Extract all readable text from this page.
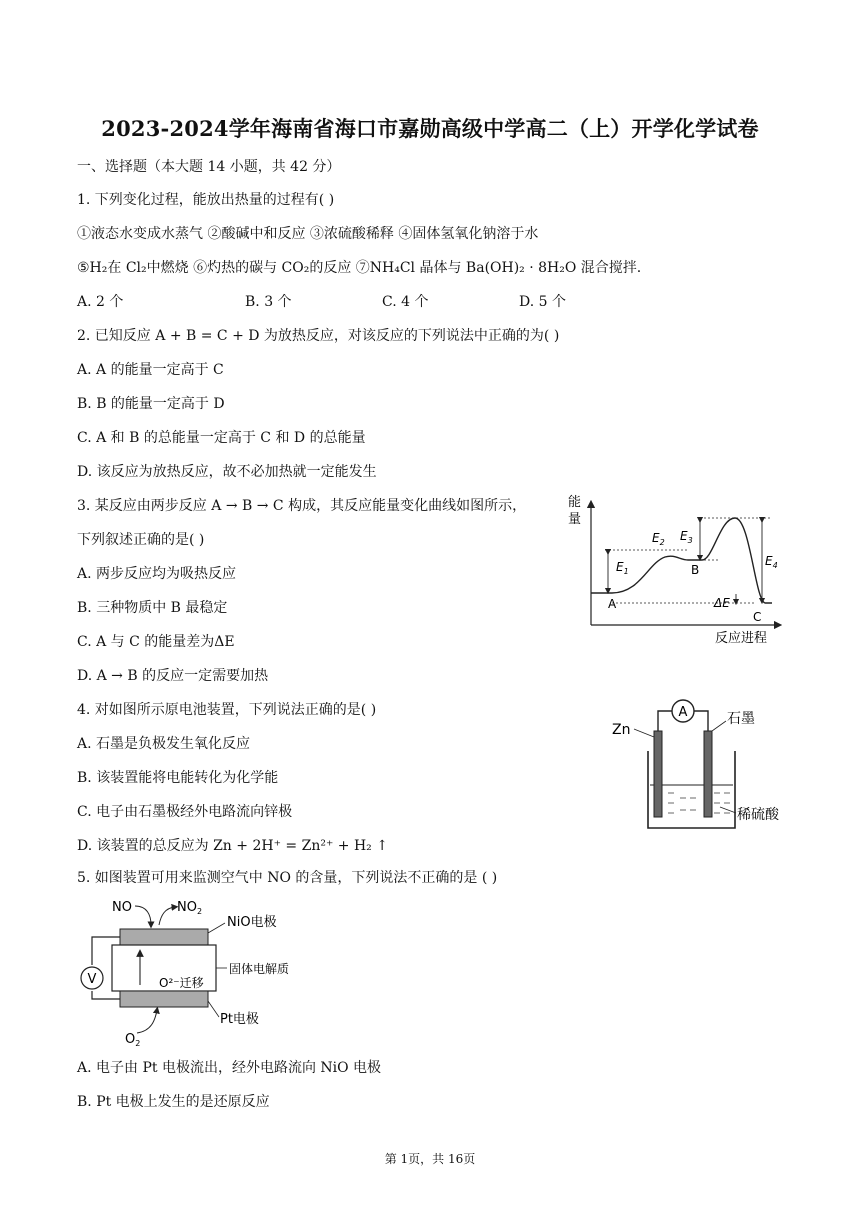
2023-2024学年海南省海口市嘉勋高级中学高二（上）开学化学试卷
一、选择题（本大题 14 小题，共 42 分）
1. 下列变化过程，能放出热量的过程有( )
①液态水变成水蒸气 ②酸碱中和反应 ③浓硫酸稀释 ④固体氢氧化钠溶于水
⑤H₂在 Cl₂中燃烧 ⑥灼热的碳与 CO₂的反应 ⑦NH₄Cl 晶体与 Ba(OH)₂ · 8H₂O 混合搅拌.
A. 2 个	B. 3 个	C. 4 个	D. 5 个
2. 已知反应 A + B = C + D 为放热反应，对该反应的下列说法中正确的为( )
A. A 的能量一定高于 C
B. B 的能量一定高于 D
C. A 和 B 的总能量一定高于 C 和 D 的总能量
D. 该反应为放热反应，故不必加热就一定能发生
3. 某反应由两步反应 A → B → C 构成，其反应能量变化曲线如图所示，
下列叙述正确的是( )
A. 两步反应均为吸热反应
B. 三种物质中 B 最稳定
C. A 与 C 的能量差为ΔE
D. A → B 的反应一定需要加热
能
量
反应进程
$E_1$
$E_2$ $E_3$
$E_4$
ΔE
A
B
C
4. 对如图所示原电池装置，下列说法正确的是( )
A. 石墨是负极发生氧化反应
B. 该装置能将电能转化为化学能
C. 电子由石墨极经外电路流向锌极
D. 该装置的总反应为 Zn + 2H⁺ = Zn²⁺ + H₂ ↑
A
Zn
石墨
稀硫酸
5. 如图装置可用来监测空气中 NO 的含量，下列说法不正确的是 ( )
NO	$NO_2$
O²⁻迁移
V
NiO电极
固体电解质
Pt电极
$O_2$
A. 电子由 Pt 电极流出，经外电路流向 NiO 电极
B. Pt 电极上发生的是还原反应
第 1页，共 16页
